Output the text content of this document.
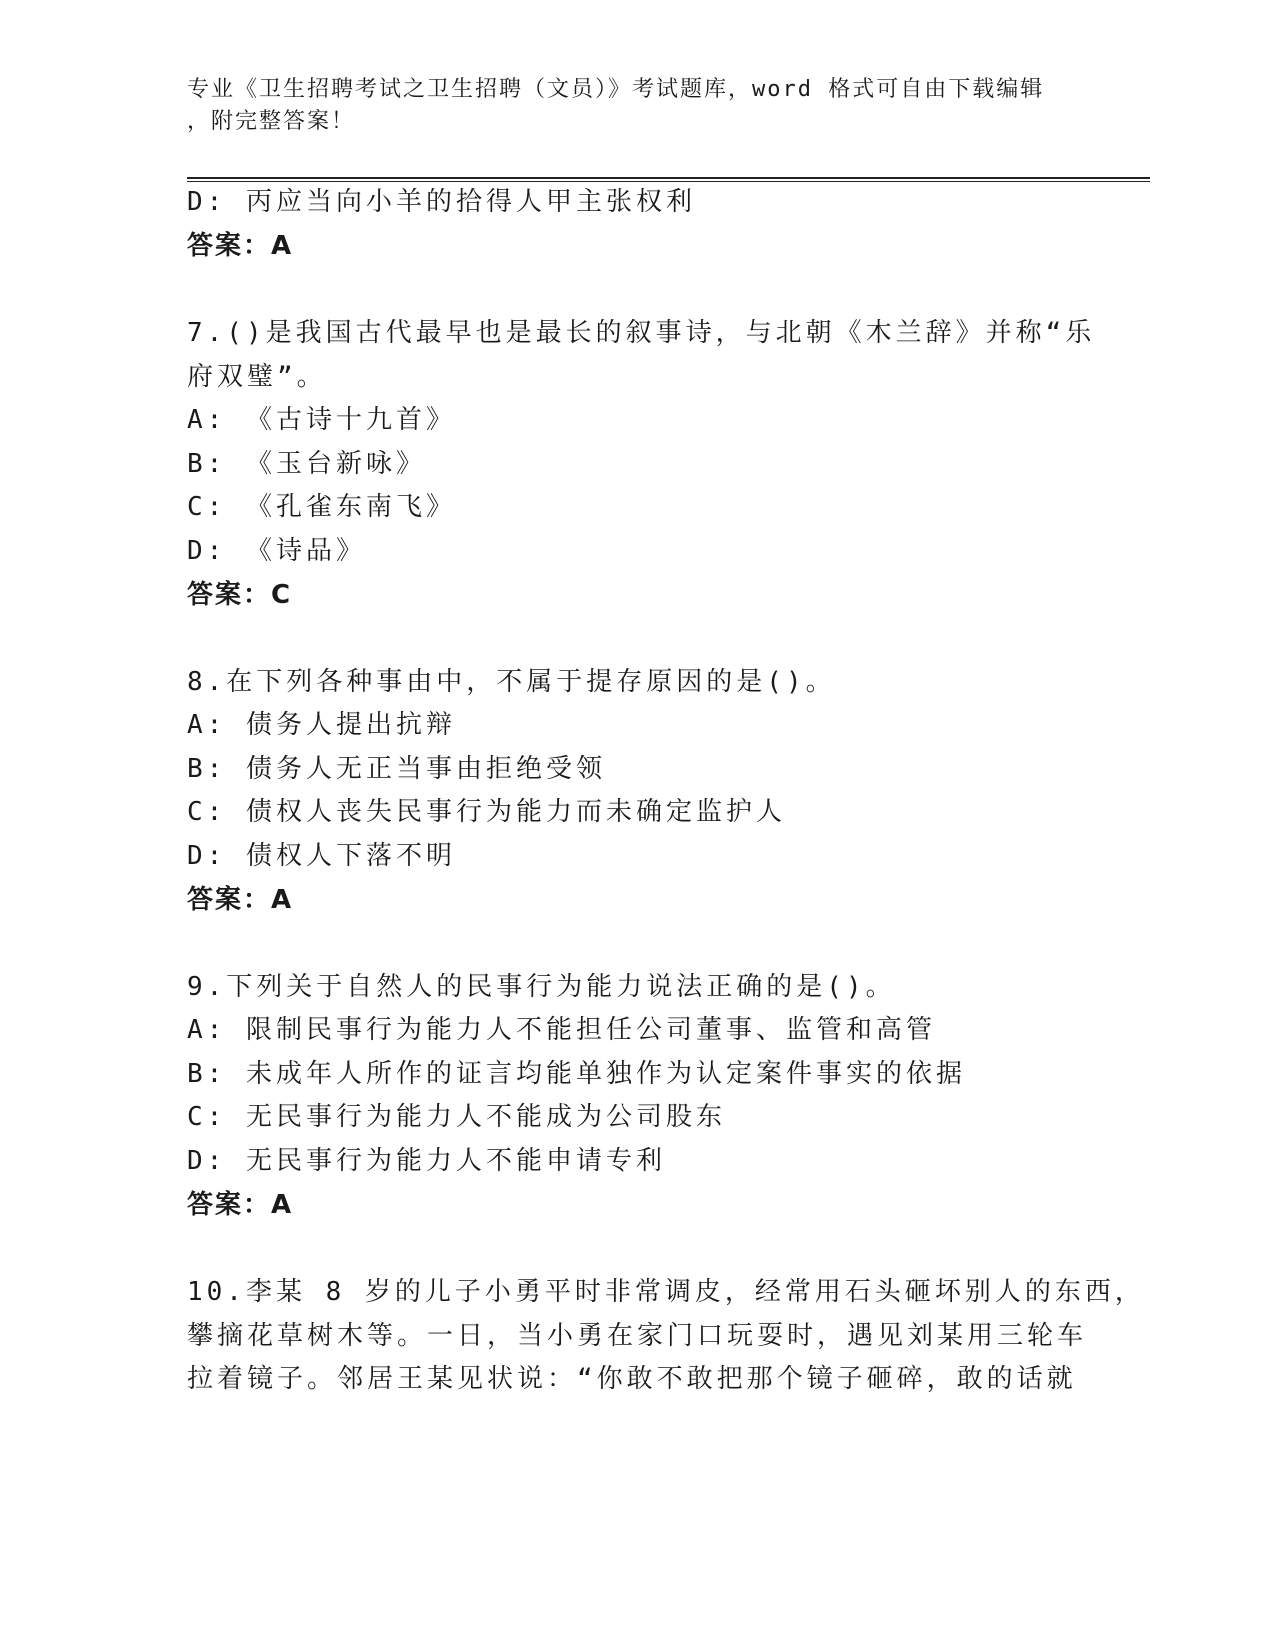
专业《卫生招聘考试之卫生招聘（文员）》考试题库，word 格式可自由下载编辑
，附完整答案！
D: 丙应当向小羊的拾得人甲主张权利
答案：A
7.()是我国古代最早也是最长的叙事诗，与北朝《木兰辞》并称“乐
府双璧”。
A: 《古诗十九首》
B: 《玉台新咏》
C: 《孔雀东南飞》
D: 《诗品》
答案：C
8.在下列各种事由中，不属于提存原因的是()。
A: 债务人提出抗辩
B: 债务人无正当事由拒绝受领
C: 债权人丧失民事行为能力而未确定监护人
D: 债权人下落不明
答案：A
9.下列关于自然人的民事行为能力说法正确的是()。
A: 限制民事行为能力人不能担任公司董事、监管和高管
B: 未成年人所作的证言均能单独作为认定案件事实的依据
C: 无民事行为能力人不能成为公司股东
D: 无民事行为能力人不能申请专利
答案：A
10.李某 8 岁的儿子小勇平时非常调皮，经常用石头砸坏别人的东西，
攀摘花草树木等。一日，当小勇在家门口玩耍时，遇见刘某用三轮车
拉着镜子。邻居王某见状说：“你敢不敢把那个镜子砸碎，敢的话就
